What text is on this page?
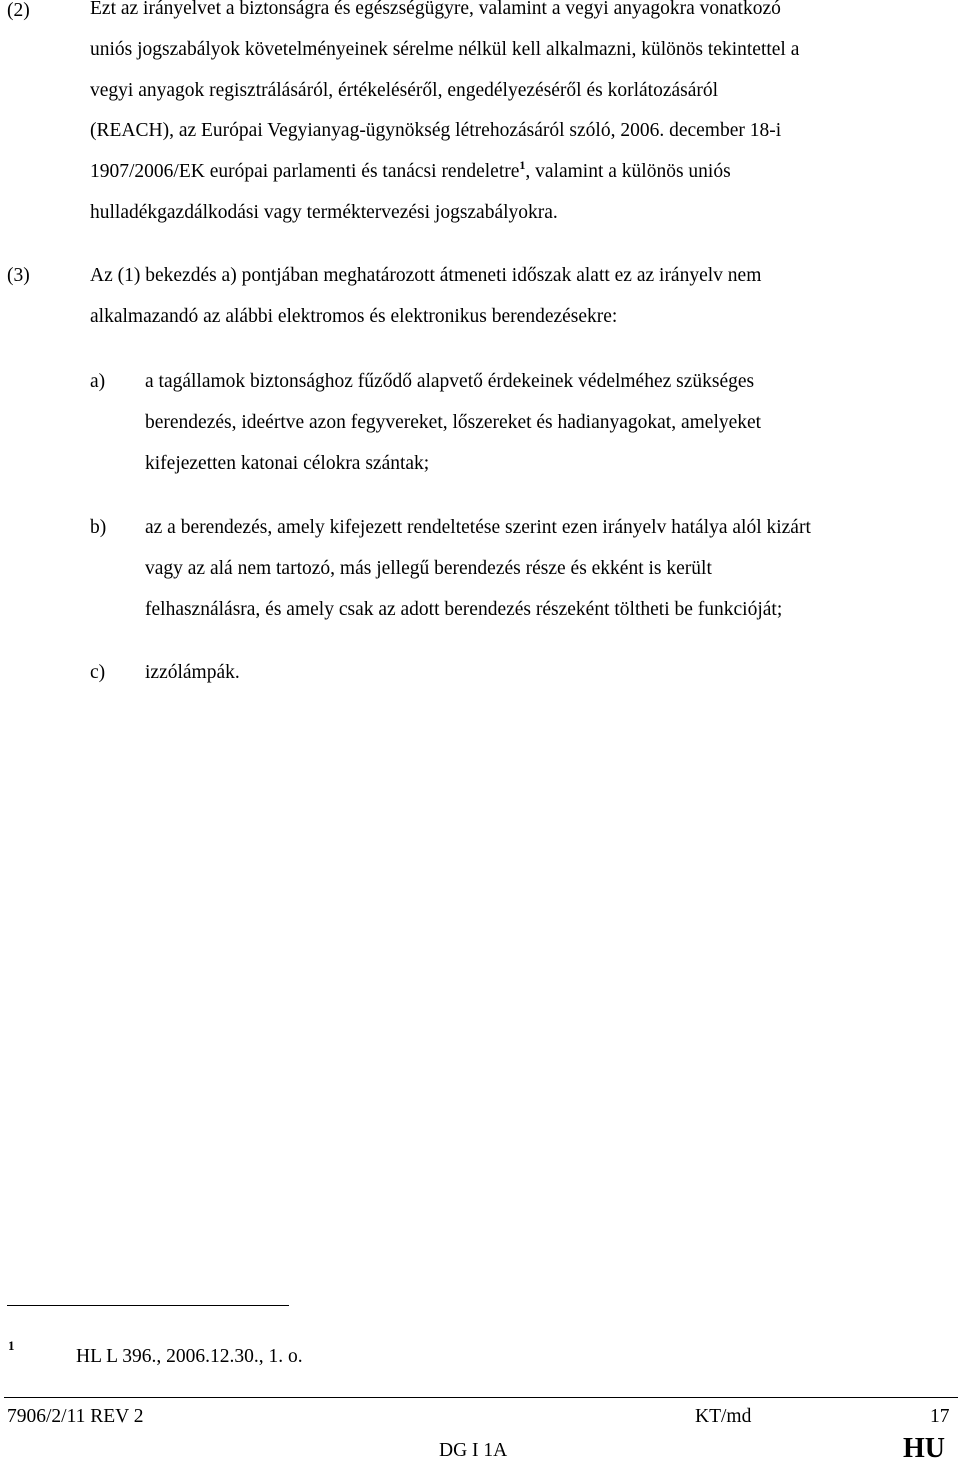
(2)	Ezt az irányelvet a biztonságra és egészségügyre, valamint a vegyi anyagokra vonatkozó
uniós jogszabályok követelményeinek sérelme nélkül kell alkalmazni, különös tekintettel a
vegyi anyagok regisztrálásáról, értékeléséről, engedélyezéséről és korlátozásáról
(REACH), az Európai Vegyianyag-ügynökség létrehozásáról szóló, 2006. december 18-i
1907/2006/EK európai parlamenti és tanácsi rendeletre$^1$, valamint a különös uniós
hulladékgazdálkodási vagy terméktervezési jogszabályokra.
(3)	Az (1) bekezdés a) pontjában meghatározott átmeneti időszak alatt ez az irányelv nem
alkalmazandó az alábbi elektromos és elektronikus berendezésekre:
a) a tagállamok biztonsághoz fűződő alapvető érdekeinek védelméhez szükséges
berendezés, ideértve azon fegyvereket, lőszereket és hadianyagokat, amelyeket
kifejezetten katonai célokra szántak;
b) az a berendezés, amely kifejezett rendeltetése szerint ezen irányelv hatálya alól kizárt
vagy az alá nem tartozó, más jellegű berendezés része és ekként is került
felhasználásra, és amely csak az adott berendezés részeként töltheti be funkcióját;
c) izzólámpák.
1
HL L 396., 2006.12.30., 1. o.
7906/2/11 REV 2	KT/md	17
DG I 1A	HU
